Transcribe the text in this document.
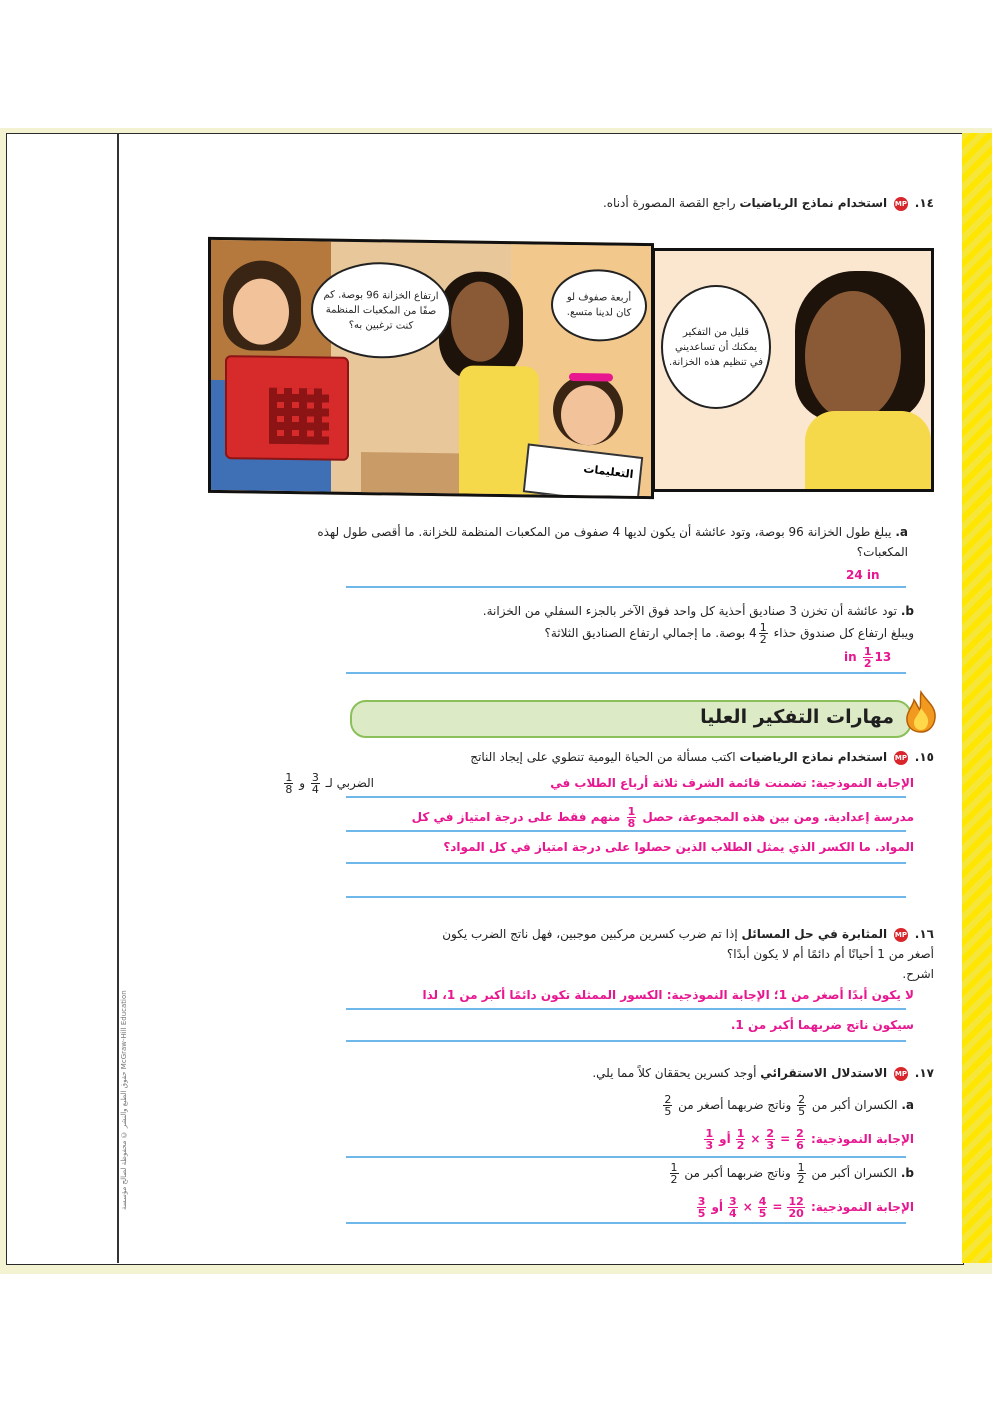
حقوق الطبع والنشر © محفوظة لصالح مؤسسة McGraw-Hill Education
١٤. MP استخدام نماذج الرياضيات راجع القصة المصورة أدناه.
التعليمات
ارتفاع الخزانة 96 بوصة. كم صفًا من المكعبات المنظمة كنت ترغبين به؟
أربعة صفوف لو كان لدينا متسع.
قليل من التفكير يمكنك أن تساعديني في تنظيم هذه الخزانة.
a. يبلغ طول الخزانة 96 بوصة، وتود عائشة أن يكون لديها 4 صفوف من المكعبات المنظمة للخزانة. ما أقصى طول لهذه المكعبات؟
24 in
b. تود عائشة أن تخزن 3 صناديق أحذية كل واحد فوق الآخر بالجزء السفلي من الخزانة.
ويبلغ ارتفاع كل صندوق حذاء $4 \frac{1}{2}$
بوصة. ما إجمالي ارتفاع الصناديق الثلاثة؟
in $\frac{1}{2} 13$
مهارات التفكير العليا
١٥. MP استخدام نماذج الرياضيات اكتب مسألة من الحياة اليومية تنطوي على إيجاد الناتج
الضربي لـ
$\frac{3}{4}$
و
$\frac{1}{8}$	الإجابة النموذجية: تضمنت قائمة الشرف ثلاثة أرباع الطلاب في
مدرسة إعدادية. ومن بين هذه المجموعة، حصل
$\frac{1}{8}$
منهم فقط على درجة امتياز في كل
المواد. ما الكسر الذي يمثل الطلاب الذين حصلوا على درجة امتياز في كل المواد؟
١٦. MP المثابرة في حل المسائل إذا تم ضرب كسرين مركبين موجبين، فهل ناتج الضرب يكون
أصغر من 1 أحيانًا أم دائمًا أم لا يكون أبدًا؟
اشرح.
لا يكون أبدًا أصغر من 1؛ الإجابة النموذجية: الكسور الممثلة تكون دائمًا أكبر من 1، لذا
سيكون ناتج ضربهما أكبر من 1.
١٧. MP الاستدلال الاستقرائي أوجد كسرين يحققان كلاً مما يلي.
a. الكسران أكبر من
$\frac{2}{5}$
وناتج ضربهما أصغر من
$\frac{2}{5}$
الإجابة النموذجية:
$\frac{1}{3}$ أو $\frac{1}{2} \times \frac{2}{3} = \frac{2}{6}$
b. الكسران أكبر من
$\frac{1}{2}$
وناتج ضربهما أكبر من
$\frac{1}{2}$
الإجابة النموذجية:
$\frac{3}{5}$ أو $\frac{3}{4} \times \frac{4}{5} = \frac{12}{20}$
